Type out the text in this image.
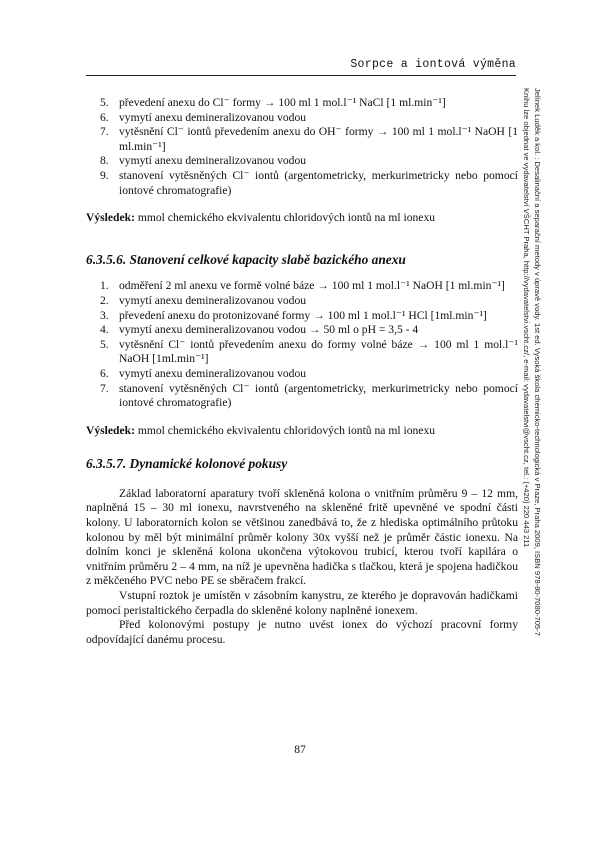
Sorpce a iontová výměna
Jelínek Luděk a kol. : Desalinační a separační metody v úpravě vody. 1st ed. Vysoká škola chemicko-technologická v Praze, Praha 2009, ISBN 978-80-7080-705-7
Knihu lze objednat ve vydavatelství VŠCHT Praha, http://vydavatelstvi.vscht.cz/, e-mail: vydavatelstvi@vscht.cz, tel.: (+420) 220 443 211
5. převedení anexu do Cl⁻ formy → 100 ml 1 mol.l⁻¹ NaCl [1 ml.min⁻¹]
6. vymytí anexu demineralizovanou vodou
7. vytěsnění Cl⁻ iontů převedením anexu do OH⁻ formy → 100 ml 1 mol.l⁻¹ NaOH [1 ml.min⁻¹]
8. vymytí anexu demineralizovanou vodou
9. stanovení vytěsněných Cl⁻ iontů (argentometricky, merkurimetricky nebo pomocí iontové chromatografie)

Výsledek: mmol chemického ekvivalentu chloridových iontů na ml ionexu

6.3.5.6. Stanovení celkové kapacity slabě bazického anexu
1. odměření 2 ml anexu ve formě volné báze → 100 ml 1 mol.l⁻¹ NaOH [1 ml.min⁻¹]
2. vymytí anexu demineralizovanou vodou
3. převedení anexu do protonizované formy → 100 ml 1 mol.l⁻¹ HCl [1ml.min⁻¹]
4. vymytí anexu demineralizovanou vodou → 50 ml o pH = 3,5 - 4
5. vytěsnění Cl⁻ iontů převedením anexu do formy volné báze → 100 ml 1 mol.l⁻¹ NaOH [1ml.min⁻¹]
6. vymytí anexu demineralizovanou vodou
7. stanovení vytěsněných Cl⁻ iontů (argentometricky, merkurimetricky nebo pomocí iontové chromatografie)

Výsledek: mmol chemického ekvivalentu chloridových iontů na ml ionexu

6.3.5.7. Dynamické kolonové pokusy

Základ laboratorní aparatury tvoří skleněná kolona o vnitřním průměru 9 – 12 mm, naplněná 15 – 30 ml ionexu, navrstveného na skleněné fritě upevněné ve spodní části kolony. U laboratorních kolon se většinou zanedbává to, že z hlediska optimálního průtoku kolonou by měl být minimální průměr kolony 30x vyšší než je průměr částic ionexu. Na dolním konci je skleněná kolona ukončena výtokovou trubicí, kterou tvoří kapilára o vnitřním průměru 2 – 4 mm, na níž je upevněna hadička s tlačkou, která je spojena hadičkou z měkčeného PVC nebo PE se sběračem frakcí.

Vstupní roztok je umístěn v zásobním kanystru, ze kterého je dopravován hadičkami pomocí peristaltického čerpadla do skleněné kolony naplněné ionexem.

Před kolonovými postupy je nutno uvést ionex do výchozí pracovní formy odpovídající danému procesu.

87
